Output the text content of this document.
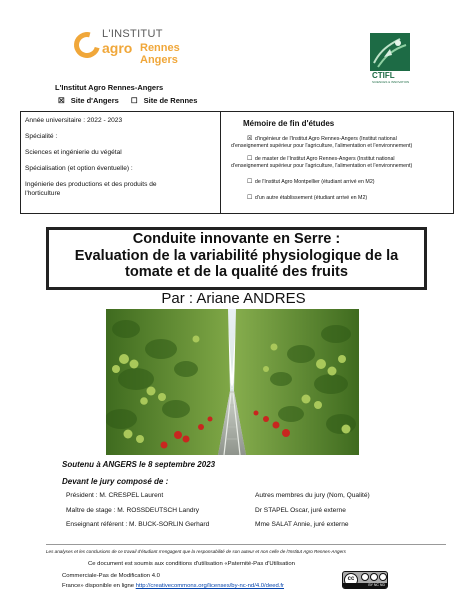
L'INSTITUT
agro Rennes
Angers
CTIFL
SCIENCES & INNOVATION
L'Institut Agro Rennes-Angers
☒ Site d'Angers ☐ Site de Rennes
Année universitaire : 2022 - 2023
Spécialité :
Sciences et ingénierie du végétal
Spécialisation (et option éventuelle) :
Ingénierie des productions et des produits de
l'horticulture
Mémoire de fin d'études
☒ d'ingénieur de l'Institut Agro Rennes-Angers (Institut national
d'enseignement supérieur pour l'agriculture, l'alimentation et l'environnement)
☐ de master de l'Institut Agro Rennes-Angers (Institut national
d'enseignement supérieur pour l'agriculture, l'alimentation et l'environnement)
☐ de l'Institut Agro Montpellier (étudiant arrivé en M2)
☐ d'un autre établissement (étudiant arrivé en M2)
Conduite innovante en Serre :
Evaluation de la variabilité physiologique de la
tomate et de la qualité des fruits
Par : Ariane ANDRES
Soutenu à ANGERS le 8 septembre 2023
Devant le jury composé de :
Président : M. CRESPEL Laurent
Maître de stage : M. ROSSDEUTSCH Landry
Enseignant référent : M. BUCK-SORLIN Gerhard
Autres membres du jury (Nom, Qualité)
Dr STAPEL Oscar, juré externe
Mme SALAT Annie, juré externe
Les analyses et les conclusions de ce travail d'étudiant n'engagent que la responsabilité de son auteur et non celle de l'Institut Agro Rennes-Angers
Ce document est soumis aux conditions d'utilisation «Paternité-Pas d'Utilisation
Commerciale-Pas de Modification 4.0
France» disponible en ligne http://creativecommons.org/licenses/by-nc-nd/4.0/deed.fr
cc
BY NC ND
